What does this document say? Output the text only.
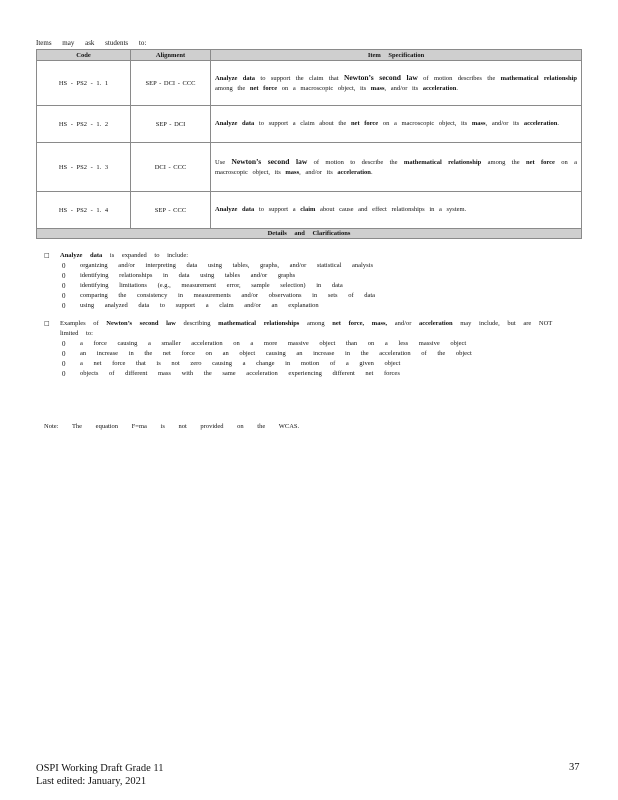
Items may ask students to:
Code	Alignment	Item Specification
HS - PS2 - 1. 1	SEP - DCI - CCC	Analyze data to support the claim that Newton’s second law of motion describes the mathematical relationship among the net force on a macroscopic object, its mass, and/or its acceleration.
HS - PS2 - 1. 2	SEP - DCI	Analyze data to support a claim about the net force on a macroscopic object, its mass, and/or its acceleration.
HS - PS2 - 1. 3	DCI - CCC	Use Newton’s second law of motion to describe the mathematical relationship among the net force on a macroscopic object, its mass, and/or its acceleration.
HS - PS2 - 1. 4	SEP - CCC	Analyze data to support a claim about cause and effect relationships in a system.
Details and Clarifications		
□ Analyze data is expanded to include:
0 organizing and/or interpreting data using tables, graphs, and/or statistical analysis
0 identifying relationships in data using tables and/or graphs
0 identifying limitations (e.g., measurement error, sample selection) in data
0 comparing the consistency in measurements and/or observations in sets of data
0 using analyzed data to support a claim and/or an explanation
□ Examples of Newton’s second law describing mathematical relationships among net force, mass, and/or acceleration may include, but are NOT limited to:
0 a force causing a smaller acceleration on a more massive object than on a less massive object
0 an increase in the net force on an object causing an increase in the acceleration of the object
0 a net force that is not zero causing a change in motion of a given object
0 objects of different mass with the same acceleration experiencing different net forces
Note: The equation F=ma is not provided on the WCAS.
OSPI Working Draft Grade 11
Last edited: January, 2021
37
